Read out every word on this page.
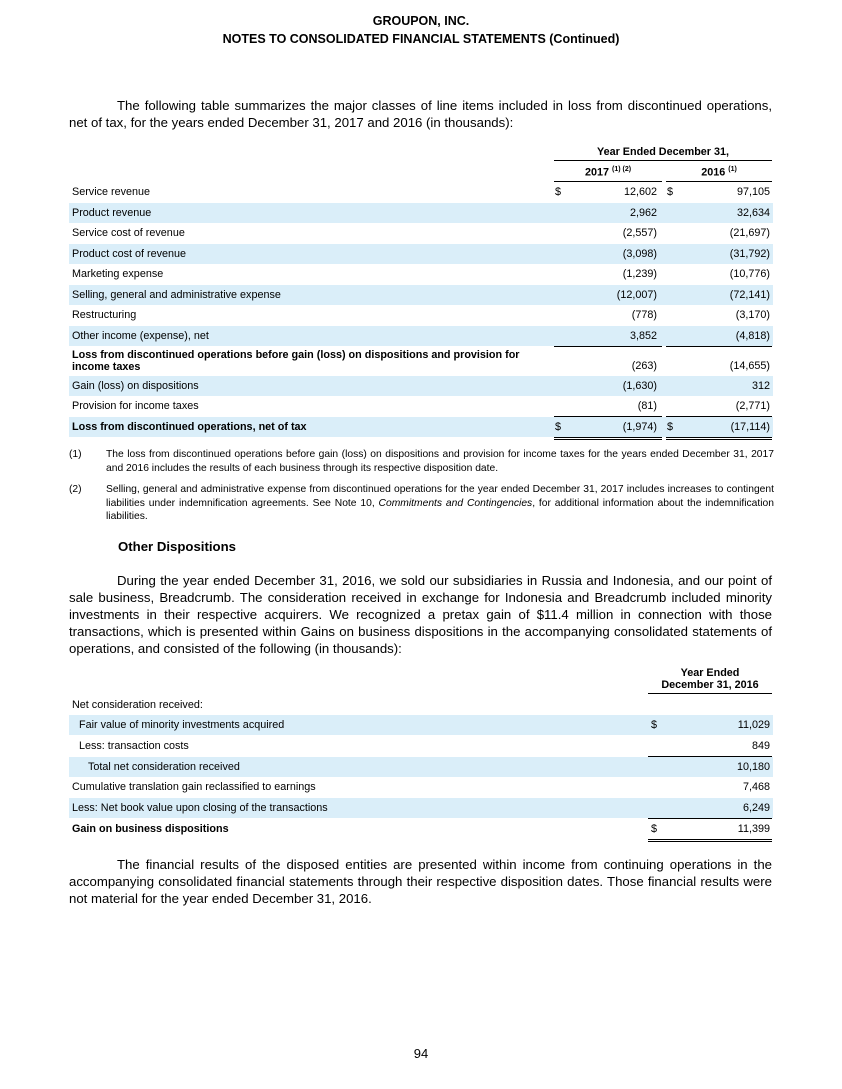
GROUPON, INC.
NOTES TO CONSOLIDATED FINANCIAL STATEMENTS (Continued)
The following table summarizes the major classes of line items included in loss from discontinued operations, net of tax, for the years ended December 31, 2017 and 2016 (in thousands):
Year Ended December 31,
2017 $^{(1) (2)}$	2016 $^{(1)}$
Service revenue	$	12,602 $	97,105
Product revenue	2,962	32,634
Service cost of revenue	(2,557)	(21,697)
Product cost of revenue	(3,098)	(31,792)
Marketing expense	(1,239)	(10,776)
Selling, general and administrative expense	(12,007)	(72,141)
Restructuring	(778)	(3,170)
Other income (expense), net	3,852	(4,818)
Loss from discontinued operations before gain (loss) on dispositions and provision for
income taxes	(263)	(14,655)
Gain (loss) on dispositions	(1,630)	312
Provision for income taxes	(81)	(2,771)
Loss from discontinued operations, net of tax	$	(1,974) $	(17,114)
(1) The loss from discontinued operations before gain (loss) on dispositions and provision for income taxes for the years ended December 31, 2017 and 2016 includes the results of each business through its respective disposition date.
(2) Selling, general and administrative expense from discontinued operations for the year ended December 31, 2017 includes increases to contingent liabilities under indemnification agreements. See Note 10, Commitments and Contingencies, for additional information about the indemnification liabilities.
Other Dispositions
During the year ended December 31, 2016, we sold our subsidiaries in Russia and Indonesia, and our point of sale business, Breadcrumb. The consideration received in exchange for Indonesia and Breadcrumb included minority investments in their respective acquirers. We recognized a pretax gain of $11.4 million in connection with those transactions, which is presented within Gains on business dispositions in the accompanying consolidated statements of operations, and consisted of the following (in thousands):
Year Ended
December 31, 2016
Net consideration received:
Fair value of minority investments acquired	$	11,029
Less: transaction costs	849
Total net consideration received	10,180
Cumulative translation gain reclassified to earnings	7,468
Less: Net book value upon closing of the transactions	6,249
Gain on business dispositions	$	11,399
The financial results of the disposed entities are presented within income from continuing operations in the accompanying consolidated financial statements through their respective disposition dates. Those financial results were not material for the year ended December 31, 2016.
94
